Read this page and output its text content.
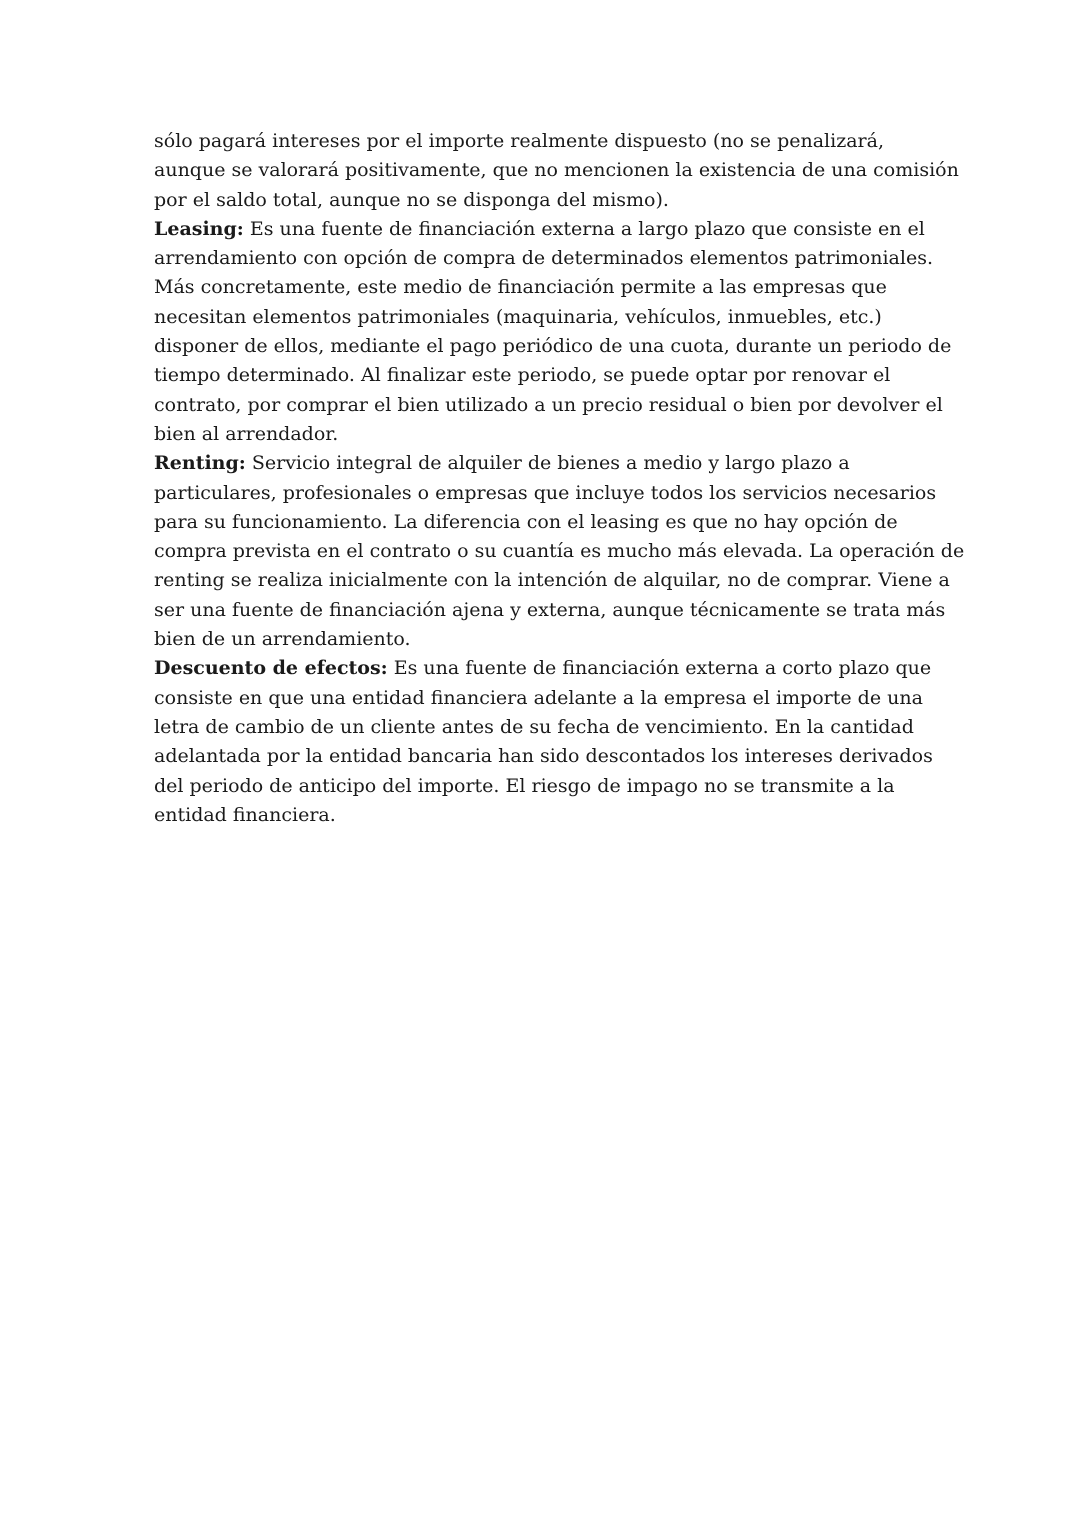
sólo pagará intereses por el importe realmente dispuesto (no se penalizará,
aunque se valorará positivamente, que no mencionen la existencia de una comisión
por el saldo total, aunque no se disponga del mismo).
Leasing: Es una fuente de financiación externa a largo plazo que consiste en el
arrendamiento con opción de compra de determinados elementos patrimoniales.
Más concretamente, este medio de financiación permite a las empresas que
necesitan elementos patrimoniales (maquinaria, vehículos, inmuebles, etc.)
disponer de ellos, mediante el pago periódico de una cuota, durante un periodo de
tiempo determinado. Al finalizar este periodo, se puede optar por renovar el
contrato, por comprar el bien utilizado a un precio residual o bien por devolver el
bien al arrendador.
Renting: Servicio integral de alquiler de bienes a medio y largo plazo a
particulares, profesionales o empresas que incluye todos los servicios necesarios
para su funcionamiento. La diferencia con el leasing es que no hay opción de
compra prevista en el contrato o su cuantía es mucho más elevada. La operación de
renting se realiza inicialmente con la intención de alquilar, no de comprar. Viene a
ser una fuente de financiación ajena y externa, aunque técnicamente se trata más
bien de un arrendamiento.
Descuento de efectos: Es una fuente de financiación externa a corto plazo que
consiste en que una entidad financiera adelante a la empresa el importe de una
letra de cambio de un cliente antes de su fecha de vencimiento. En la cantidad
adelantada por la entidad bancaria han sido descontados los intereses derivados
del periodo de anticipo del importe. El riesgo de impago no se transmite a la
entidad financiera.
